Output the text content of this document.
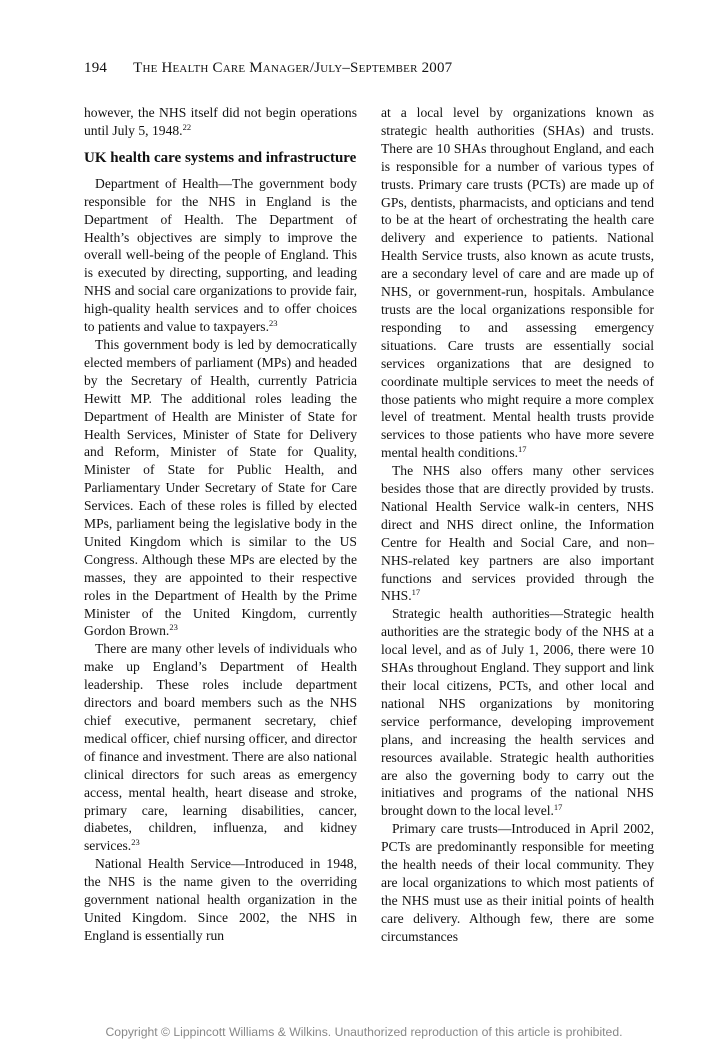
194 The Health Care Manager/July–September 2007

however, the NHS itself did not begin operations until July 5, 1948.22

UK health care systems and infrastructure

Department of Health—The government body responsible for the NHS in England is the Department of Health. The Department of Health’s objectives are simply to improve the overall well-being of the people of England. This is executed by directing, supporting, and leading NHS and social care organizations to provide fair, high-quality health services and to offer choices to patients and value to taxpayers.$^{23}$

This government body is led by democratically elected members of parliament (MPs) and headed by the Secretary of Health, currently Patricia Hewitt MP. The additional roles leading the Department of Health are Minister of State for Health Services, Minister of State for Delivery and Reform, Minister of State for Quality, Minister of State for Public Health, and Parliamentary Under Secretary of State for Care Services. Each of these roles is filled by elected MPs, parliament being the legislative body in the United Kingdom which is similar to the US Congress. Although these MPs are elected by the masses, they are appointed to their respective roles in the Department of Health by the Prime Minister of the United Kingdom, currently Gordon Brown.$^{23}$

There are many other levels of individuals who make up England’s Department of Health leadership. These roles include department directors and board members such as the NHS chief executive, permanent secretary, chief medical officer, chief nursing officer, and director of finance and investment. There are also national clinical directors for such areas as emergency access, mental health, heart disease and stroke, primary care, learning disabilities, cancer, diabetes, children, influenza, and kidney services.$^{23}$

National Health Service—Introduced in 1948, the NHS is the name given to the overriding government national health organization in the United Kingdom. Since 2002, the NHS in England is essentially run

at a local level by organizations known as strategic health authorities (SHAs) and trusts. There are 10 SHAs throughout England, and each is responsible for a number of various types of trusts. Primary care trusts (PCTs) are made up of GPs, dentists, pharmacists, and opticians and tend to be at the heart of orchestrating the health care delivery and experience to patients. National Health Service trusts, also known as acute trusts, are a secondary level of care and are made up of NHS, or government-run, hospitals. Ambulance trusts are the local organizations responsible for responding to and assessing emergency situations. Care trusts are essentially social services organizations that are designed to coordinate multiple services to meet the needs of those patients who might require a more complex level of treatment. Mental health trusts provide services to those patients who have more severe mental health conditions.$^{17}$

The NHS also offers many other services besides those that are directly provided by trusts. National Health Service walk-in centers, NHS direct and NHS direct online, the Information Centre for Health and Social Care, and non–NHS-related key partners are also important functions and services provided through the NHS.$^{17}$

Strategic health authorities—Strategic health authorities are the strategic body of the NHS at a local level, and as of July 1, 2006, there were 10 SHAs throughout England. They support and link their local citizens, PCTs, and other local and national NHS organizations by monitoring service performance, developing improvement plans, and increasing the health services and resources available. Strategic health authorities are also the governing body to carry out the initiatives and programs of the national NHS brought down to the local level.$^{17}$

Primary care trusts—Introduced in April 2002, PCTs are predominantly responsible for meeting the health needs of their local community. They are local organizations to which most patients of the NHS must use as their initial points of health care delivery. Although few, there are some circumstances

Copyright © Lippincott Williams & Wilkins. Unauthorized reproduction of this article is prohibited.
